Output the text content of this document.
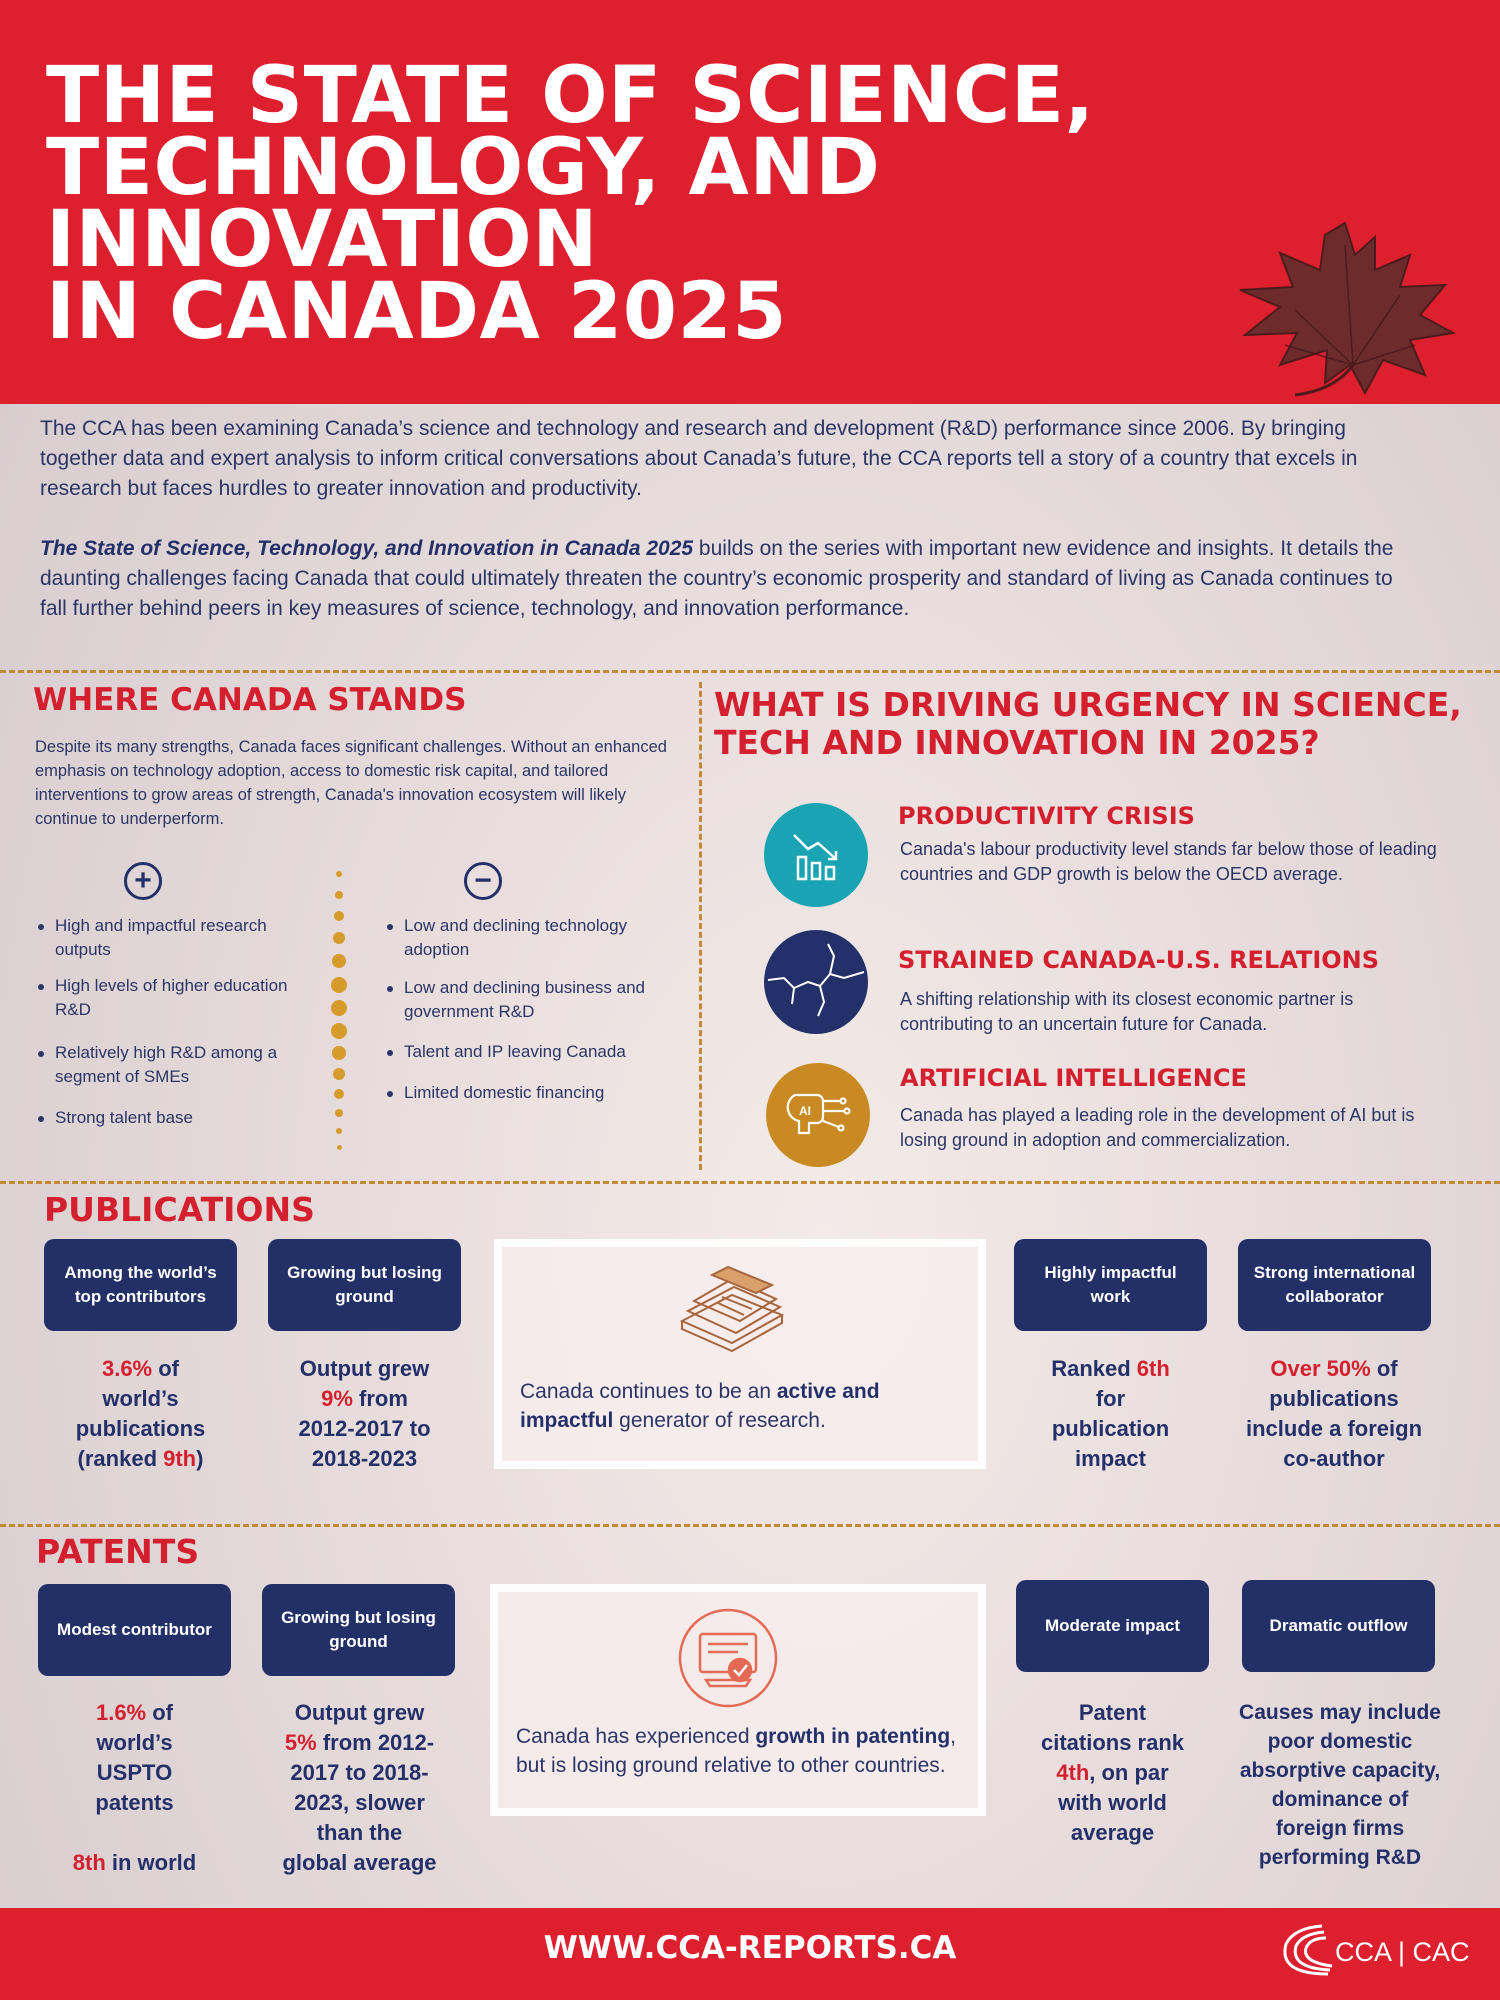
THE STATE OF SCIENCE,
TECHNOLOGY, AND INNOVATION
IN CANADA 2025

The CCA has been examining Canada’s science and technology and research and development (R&D) performance since 2006. By bringing together data and expert analysis to inform critical conversations about Canada’s future, the CCA reports tell a story of a country that excels in research but faces hurdles to greater innovation and productivity.

The State of Science, Technology, and Innovation in Canada 2025 builds on the series with important new evidence and insights. It details the daunting challenges facing Canada that could ultimately threaten the country’s economic prosperity and standard of living as Canada continues to fall further behind peers in key measures of science, technology, and innovation performance.

WHERE CANADA STANDS

Despite its many strengths, Canada faces significant challenges. Without an enhanced emphasis on technology adoption, access to domestic risk capital, and tailored interventions to grow areas of strength, Canada's innovation ecosystem will likely continue to underperform.

+	−
High and impactful research outputs
High levels of higher education R&D
Relatively high R&D among a segment of SMEs
Strong talent base
Low and declining technology adoption
Low and declining business and government R&D
Talent and IP leaving Canada
Limited domestic financing
WHAT IS DRIVING URGENCY IN SCIENCE,
TECH AND INNOVATION IN 2025?
PRODUCTIVITY CRISIS
Canada's labour productivity level stands far below those of leading countries and GDP growth is below the OECD average.
STRAINED CANADA-U.S. RELATIONS
A shifting relationship with its closest economic partner is contributing to an uncertain future for Canada.
AI
ARTIFICIAL INTELLIGENCE
Canada has played a leading role in the development of AI but is losing ground in adoption and commercialization.
PUBLICATIONS
Among the world’s top contributors
Growing but losing ground
Highly impactful work
Strong international collaborator
3.6% of
world’s
publications
(ranked 9th)
Output grew
9% from
2012-2017 to
2018-2023
Canada continues to be an active and impactful generator of research.
Ranked 6th
for
publication
impact
Over 50% of
publications
include a foreign
co-author
PATENTS
Modest contributor
Growing but losing ground
Moderate impact	Dramatic outflow
1.6% of
world’s
USPTO
patents
8th in world
Output grew
5% from 2012-
2017 to 2018-
2023, slower
than the
global average
Canada has experienced growth in patenting, but is losing ground relative to other countries.
Patent
citations rank
4th, on par
with world
average
Causes may include
poor domestic
absorptive capacity,
dominance of
foreign firms
performing R&D
WWW.CCA-REPORTS.CA	CCA | CAC
